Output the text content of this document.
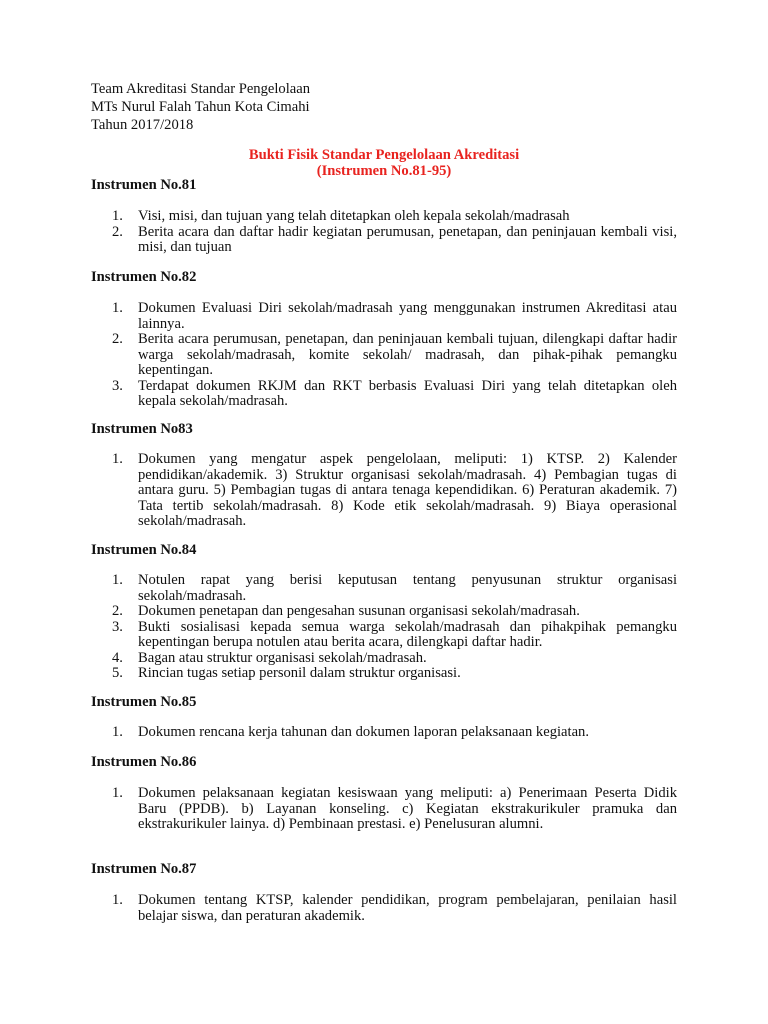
Team Akreditasi Standar Pengelolaan
MTs Nurul Falah Tahun Kota Cimahi
Tahun 2017/2018
Bukti Fisik Standar Pengelolaan Akreditasi
(Instrumen No.81-95)
Instrumen No.81
1. Visi, misi, dan tujuan yang telah ditetapkan oleh kepala sekolah/madrasah
2. Berita acara dan daftar hadir kegiatan perumusan, penetapan, dan peninjauan kembali visi, misi, dan tujuan
Instrumen No.82
1. Dokumen Evaluasi Diri sekolah/madrasah yang menggunakan instrumen Akreditasi atau lainnya.
2. Berita acara perumusan, penetapan, dan peninjauan kembali tujuan, dilengkapi daftar hadir warga sekolah/madrasah, komite sekolah/ madrasah, dan pihak-pihak pemangku kepentingan.
3. Terdapat dokumen RKJM dan RKT berbasis Evaluasi Diri yang telah ditetapkan oleh kepala sekolah/madrasah.
Instrumen No83
1. Dokumen yang mengatur aspek pengelolaan, meliputi: 1) KTSP. 2) Kalender pendidikan/akademik. 3) Struktur organisasi sekolah/madrasah. 4) Pembagian tugas di antara guru. 5) Pembagian tugas di antara tenaga kependidikan. 6) Peraturan akademik. 7) Tata tertib sekolah/madrasah. 8) Kode etik sekolah/madrasah. 9) Biaya operasional sekolah/madrasah.
Instrumen No.84
1. Notulen rapat yang berisi keputusan tentang penyusunan struktur organisasi sekolah/madrasah.
2. Dokumen penetapan dan pengesahan susunan organisasi sekolah/madrasah.
3. Bukti sosialisasi kepada semua warga sekolah/madrasah dan pihakpihak pemangku kepentingan berupa notulen atau berita acara, dilengkapi daftar hadir.
4. Bagan atau struktur organisasi sekolah/madrasah.
5. Rincian tugas setiap personil dalam struktur organisasi.
Instrumen No.85
1. Dokumen rencana kerja tahunan dan dokumen laporan pelaksanaan kegiatan.
Instrumen No.86
1. Dokumen pelaksanaan kegiatan kesiswaan yang meliputi: a) Penerimaan Peserta Didik Baru (PPDB). b) Layanan konseling. c) Kegiatan ekstrakurikuler pramuka dan ekstrakurikuler lainya. d) Pembinaan prestasi. e) Penelusuran alumni.
Instrumen No.87
1. Dokumen tentang KTSP, kalender pendidikan, program pembelajaran, penilaian hasil belajar siswa, dan peraturan akademik.
